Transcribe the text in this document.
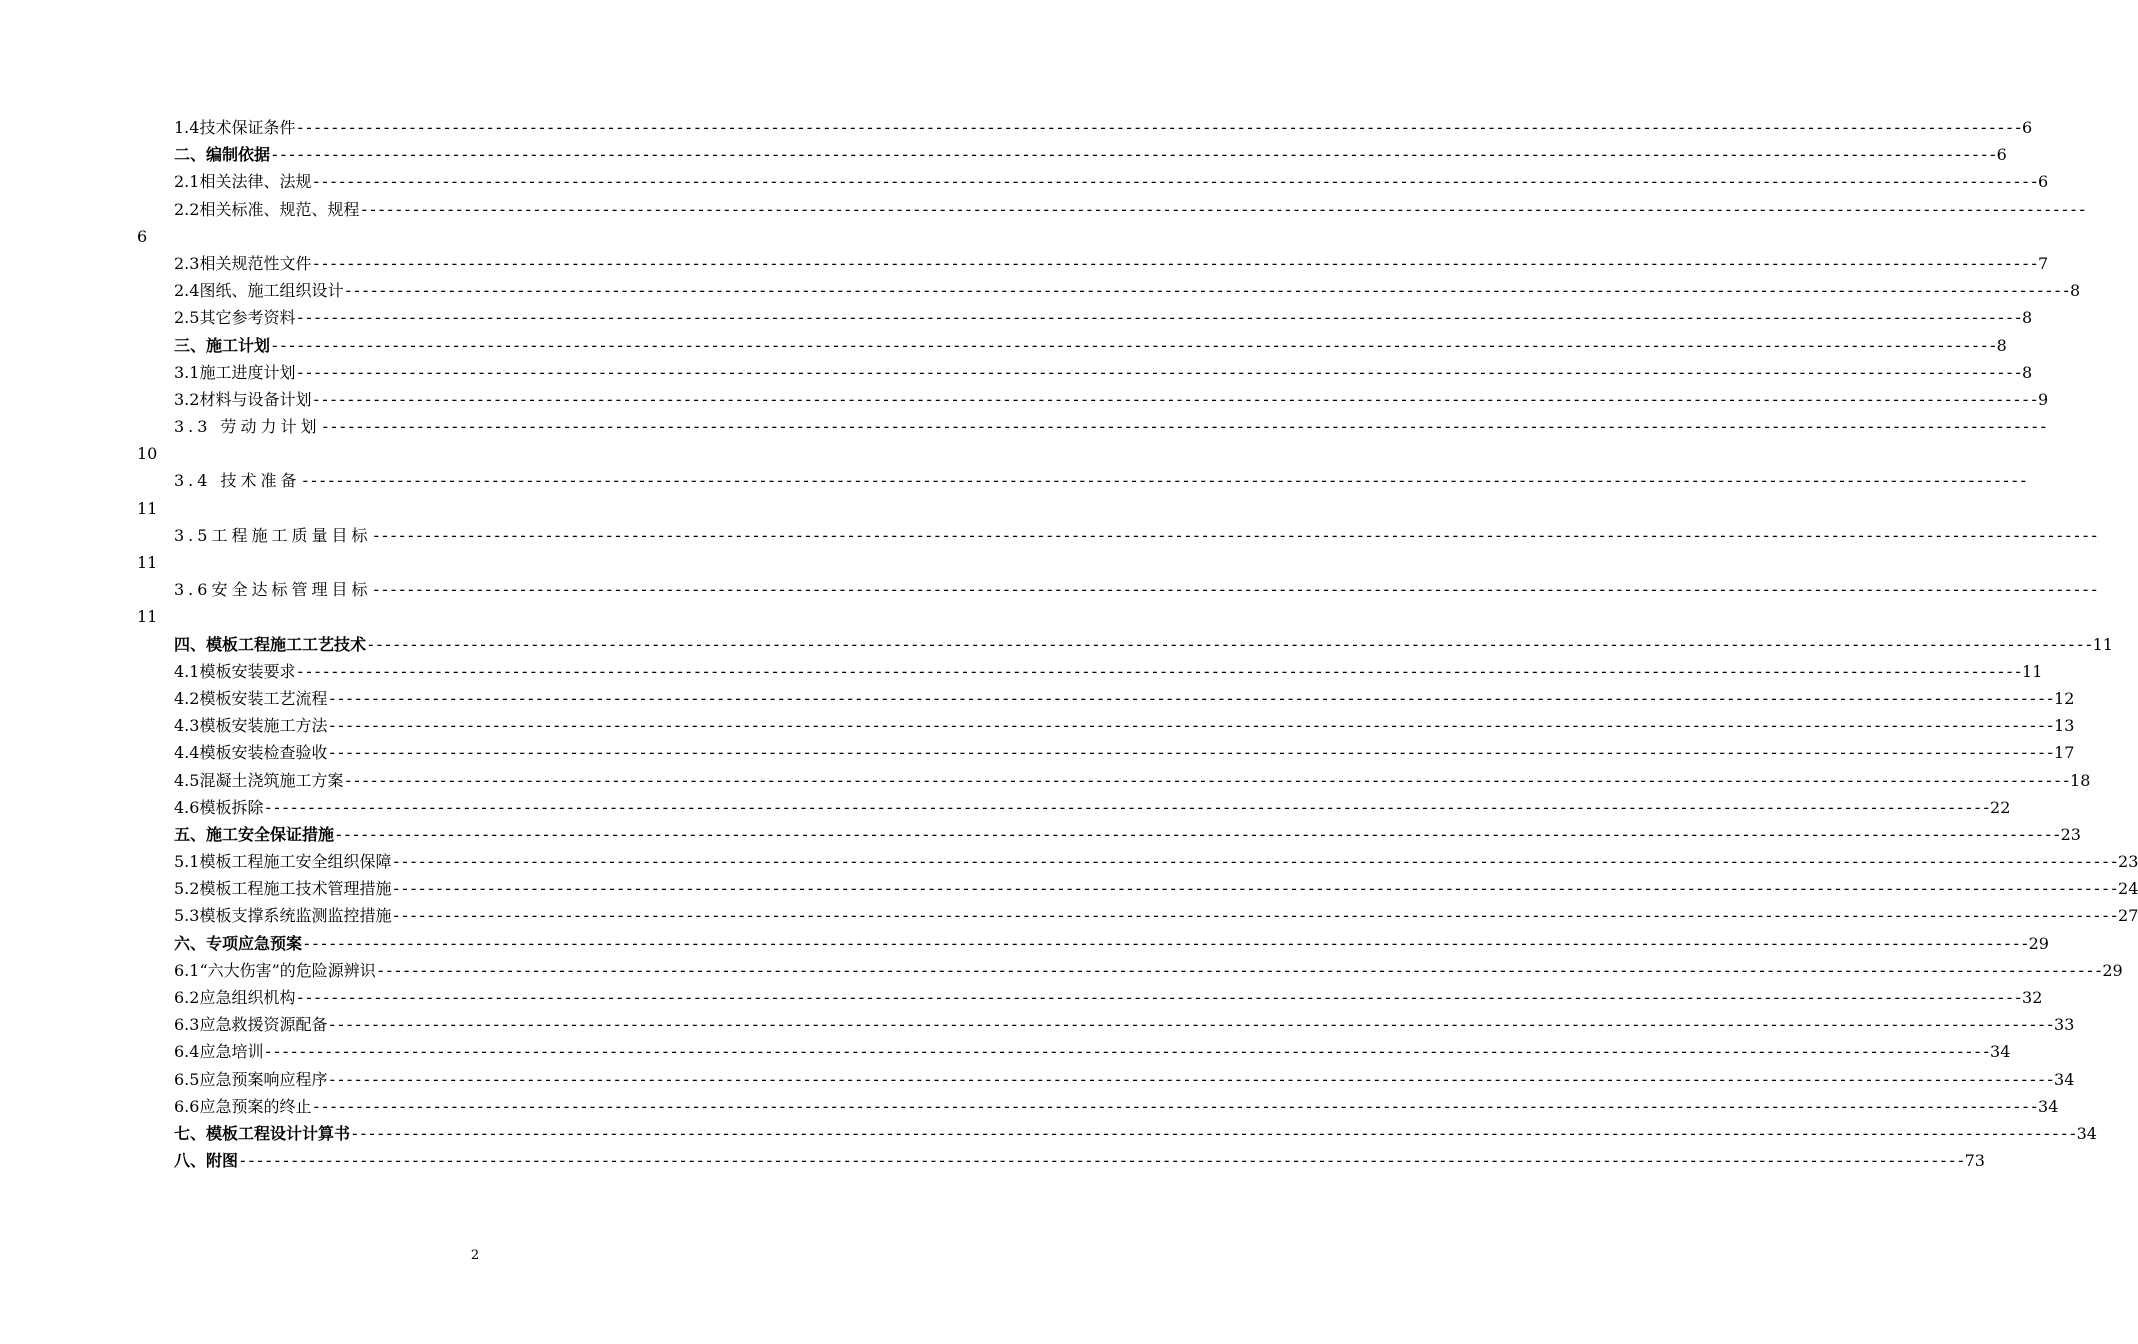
1.4技术保证条件 -------------------------------------------------------------------------------------------------------------------------------------------------------------------------------------------------------- 6
二、编制依据 -------------------------------------------------------------------------------------------------------------------------------------------------------------------------------------------------------- 6
2.1相关法律、法规 -------------------------------------------------------------------------------------------------------------------------------------------------------------------------------------------------------- 6
2.2相关标准、规范、规程 --------------------------------------------------------------------------------------------------------------------------------------------------------------------------------------------------------
6
2.3相关规范性文件 -------------------------------------------------------------------------------------------------------------------------------------------------------------------------------------------------------- 7
2.4图纸、施工组织设计 -------------------------------------------------------------------------------------------------------------------------------------------------------------------------------------------------------- 8
2.5其它参考资料 -------------------------------------------------------------------------------------------------------------------------------------------------------------------------------------------------------- 8
三、施工计划 -------------------------------------------------------------------------------------------------------------------------------------------------------------------------------------------------------- 8
3.1施工进度计划 -------------------------------------------------------------------------------------------------------------------------------------------------------------------------------------------------------- 8
3.2材料与设备计划 -------------------------------------------------------------------------------------------------------------------------------------------------------------------------------------------------------- 9
3.3 劳动力计划 --------------------------------------------------------------------------------------------------------------------------------------------------------------------------------------------------------
10
3.4 技术准备 --------------------------------------------------------------------------------------------------------------------------------------------------------------------------------------------------------
11
3.5工程施工质量目标 --------------------------------------------------------------------------------------------------------------------------------------------------------------------------------------------------------
11
3.6安全达标管理目标 --------------------------------------------------------------------------------------------------------------------------------------------------------------------------------------------------------
11
四、模板工程施工工艺技术 -------------------------------------------------------------------------------------------------------------------------------------------------------------------------------------------------------- 11
4.1模板安装要求 -------------------------------------------------------------------------------------------------------------------------------------------------------------------------------------------------------- 11
4.2模板安装工艺流程 -------------------------------------------------------------------------------------------------------------------------------------------------------------------------------------------------------- 12
4.3模板安装施工方法 -------------------------------------------------------------------------------------------------------------------------------------------------------------------------------------------------------- 13
4.4模板安装检查验收 -------------------------------------------------------------------------------------------------------------------------------------------------------------------------------------------------------- 17
4.5混凝土浇筑施工方案 -------------------------------------------------------------------------------------------------------------------------------------------------------------------------------------------------------- 18
4.6模板拆除 -------------------------------------------------------------------------------------------------------------------------------------------------------------------------------------------------------- 22
五、施工安全保证措施 -------------------------------------------------------------------------------------------------------------------------------------------------------------------------------------------------------- 23
5.1模板工程施工安全组织保障 -------------------------------------------------------------------------------------------------------------------------------------------------------------------------------------------------------- 23
5.2模板工程施工技术管理措施 -------------------------------------------------------------------------------------------------------------------------------------------------------------------------------------------------------- 24
5.3模板支撑系统监测监控措施 -------------------------------------------------------------------------------------------------------------------------------------------------------------------------------------------------------- 27
六、专项应急预案 -------------------------------------------------------------------------------------------------------------------------------------------------------------------------------------------------------- 29
6.1“六大伤害”的危险源辨识 -------------------------------------------------------------------------------------------------------------------------------------------------------------------------------------------------------- 29
6.2应急组织机构 -------------------------------------------------------------------------------------------------------------------------------------------------------------------------------------------------------- 32
6.3应急救援资源配备 -------------------------------------------------------------------------------------------------------------------------------------------------------------------------------------------------------- 33
6.4应急培训 -------------------------------------------------------------------------------------------------------------------------------------------------------------------------------------------------------- 34
6.5应急预案响应程序 -------------------------------------------------------------------------------------------------------------------------------------------------------------------------------------------------------- 34
6.6应急预案的终止 -------------------------------------------------------------------------------------------------------------------------------------------------------------------------------------------------------- 34
七、模板工程设计计算书 -------------------------------------------------------------------------------------------------------------------------------------------------------------------------------------------------------- 34
八、附图 -------------------------------------------------------------------------------------------------------------------------------------------------------------------------------------------------------- 73
2
